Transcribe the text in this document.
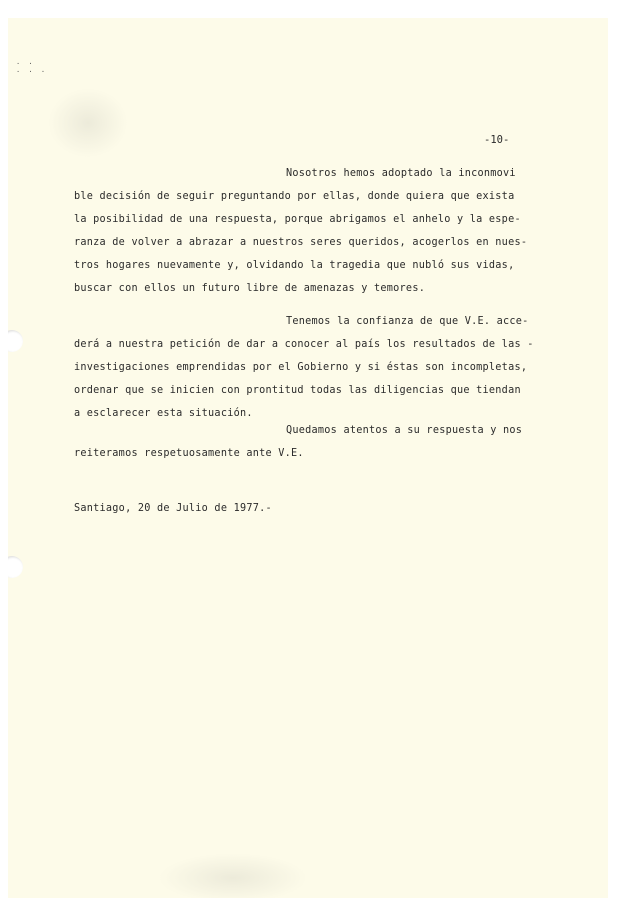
· ·
· · ·
-10-
Nosotros hemos adoptado la inconmovi
ble decisión de seguir preguntando por ellas, donde quiera que exista
la posibilidad de una respuesta, porque abrigamos el anhelo y la espe-
ranza de volver a abrazar a nuestros seres queridos, acogerlos en nues-
tros hogares nuevamente y, olvidando la tragedia que nubló sus vidas,
buscar con ellos un futuro libre de amenazas y temores.
Tenemos la confianza de que V.E. acce-
derá a nuestra petición de dar a conocer al país los resultados de las -
investigaciones emprendidas por el Gobierno y si éstas son incompletas,
ordenar que se inicien con prontitud todas las diligencias que tiendan
a esclarecer esta situación.
Quedamos atentos a su respuesta y nos
reiteramos respetuosamente ante V.E.
Santiago, 20 de Julio de 1977.-
